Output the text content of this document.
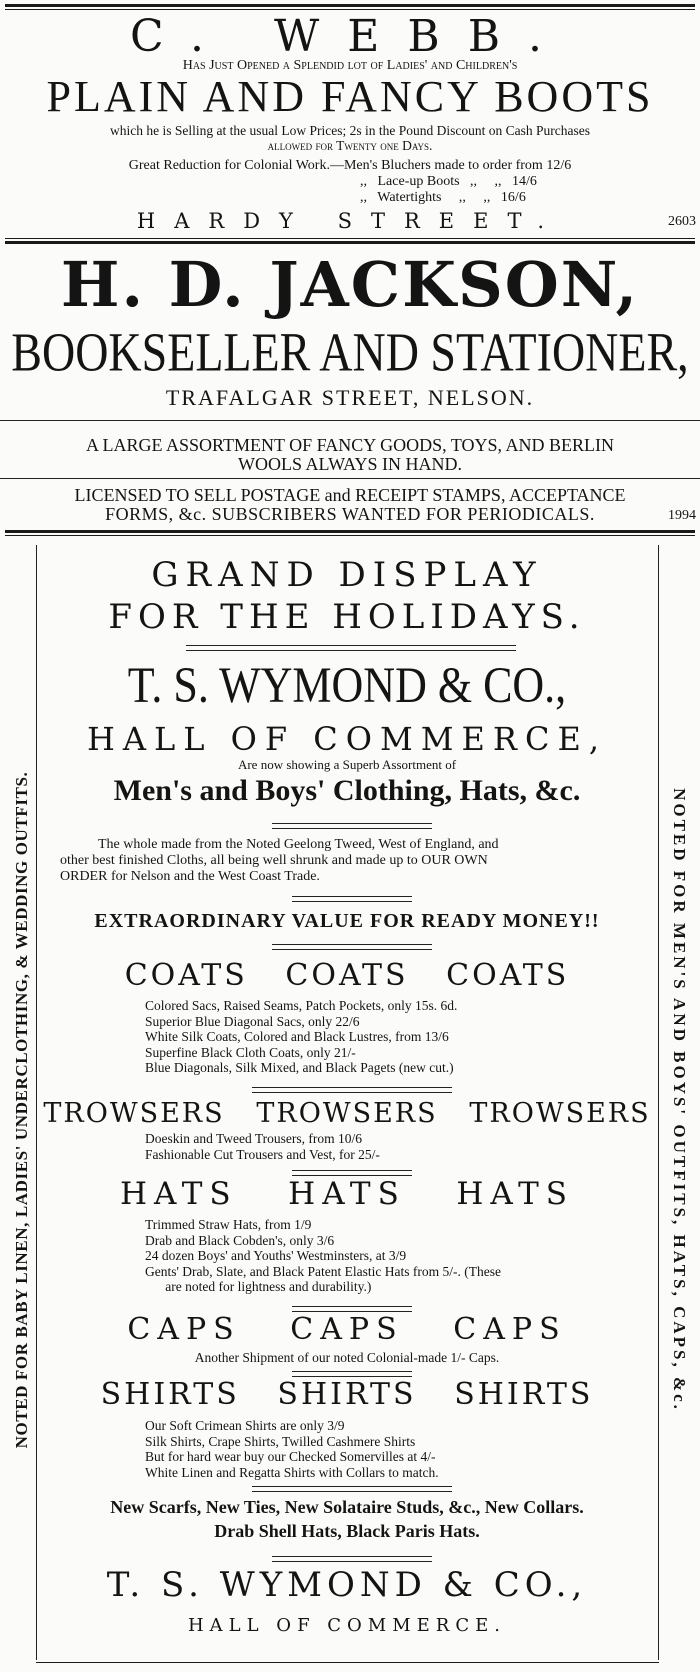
C. WEBB.
Has Just Opened a Splendid lot of Ladies' and Children's
PLAIN AND FANCY BOOTS
which he is Selling at the usual Low Prices; 2s in the Pound Discount on Cash Purchases
allowed for Twenty one Days.
Great Reduction for Colonial Work.—Men's Bluchers made to order from 12/6
,,   Lace-up Boots   ,,     ,,   14/6
,,   Watertights     ,,     ,,   16/6
HARDY STREET.	2603
H. D. JACKSON,
BOOKSELLER AND STATIONER,
TRAFALGAR STREET, NELSON.
A LARGE ASSORTMENT OF FANCY GOODS, TOYS, AND BERLIN
WOOLS ALWAYS IN HAND.
LICENSED TO SELL POSTAGE and RECEIPT STAMPS, ACCEPTANCE
FORMS, &c. SUBSCRIBERS WANTED FOR PERIODICALS.	1994
NOTED FOR BABY LINEN, LADIES' UNDERCLOTHING, & WEDDING OUTFITS.	NOTED FOR MEN'S AND BOYS' OUTFITS, HATS, CAPS, &c.
GRAND DISPLAY
FOR THE HOLIDAYS.
T. S. WYMOND & CO.,
HALL OF COMMERCE,
Are now showing a Superb Assortment of
Men's and Boys' Clothing, Hats, &c.
The whole made from the Noted Geelong Tweed, West of England, and
other best finished Cloths, all being well shrunk and made up to OUR OWN
ORDER for Nelson and the West Coast Trade.
EXTRAORDINARY VALUE FOR READY MONEY!!
COATS   COATS   COATS
Colored Sacs, Raised Seams, Patch Pockets, only 15s. 6d.
Superior Blue Diagonal Sacs, only 22/6
White Silk Coats, Colored and Black Lustres, from 13/6
Superfine Black Cloth Coats, only 21/-
Blue Diagonals, Silk Mixed, and Black Pagets (new cut.)
TROWSERS   TROWSERS   TROWSERS
Doeskin and Tweed Trousers, from 10/6
Fashionable Cut Trousers and Vest, for 25/-
HATS   HATS   HATS
Trimmed Straw Hats, from 1/9
Drab and Black Cobden's, only 3/6
24 dozen Boys' and Youths' Westminsters, at 3/9
Gents' Drab, Slate, and Black Patent Elastic Hats from 5/-. (These
are noted for lightness and durability.)
CAPS   CAPS   CAPS
Another Shipment of our noted Colonial-made 1/- Caps.
SHIRTS   SHIRTS   SHIRTS
Our Soft Crimean Shirts are only 3/9
Silk Shirts, Crape Shirts, Twilled Cashmere Shirts
But for hard wear buy our Checked Somervilles at 4/-
White Linen and Regatta Shirts with Collars to match.
New Scarfs, New Ties, New Solataire Studs, &c., New Collars.
Drab Shell Hats, Black Paris Hats.
T. S. WYMOND & CO.,
HALL OF COMMERCE.
